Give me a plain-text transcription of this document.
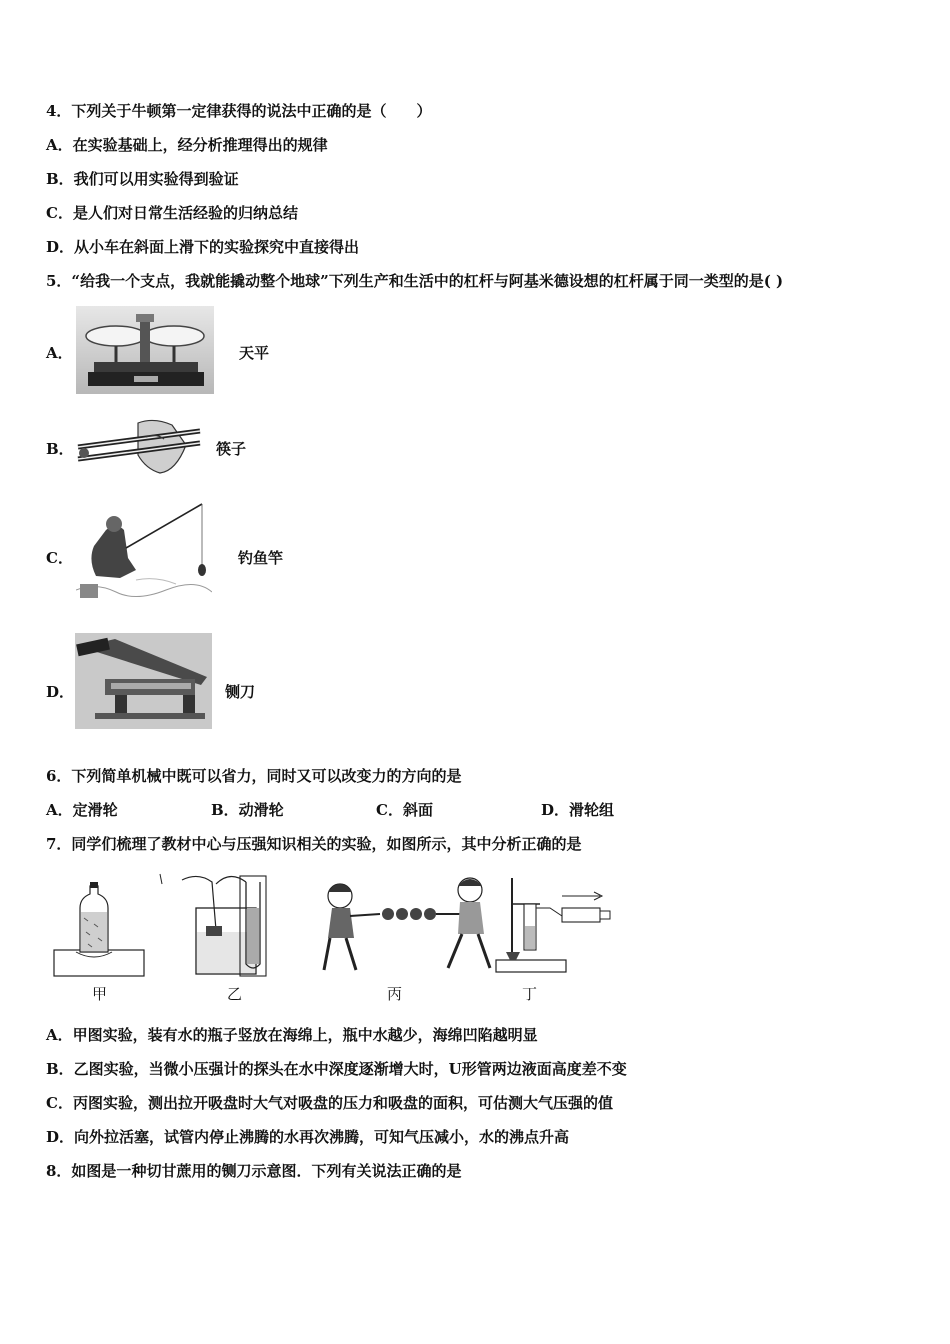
4．下列关于牛顿第一定律获得的说法中正确的是（　　）
A．在实验基础上，经分析推理得出的规律
B．我们可以用实验得到验证
C．是人们对日常生活经验的归纳总结
D．从小车在斜面上滑下的实验探究中直接得出
5．“给我一个支点，我就能撬动整个地球”下列生产和生活中的杠杆与阿基米德设想的杠杆属于同一类型的是( )
A．	天平
B．	筷子
C．	钓鱼竿
D．	铡刀
6．下列简单机械中既可以省力，同时又可以改变力的方向的是
A．定滑轮	B．动滑轮	C．斜面	D．滑轮组
7．同学们梳理了教材中心与压强知识相关的实验，如图所示，其中分析正确的是
甲	乙	丙	丁
A．甲图实验，装有水的瓶子竖放在海绵上，瓶中水越少，海绵凹陷越明显
B．乙图实验，当微小压强计的探头在水中深度逐渐增大时，U形管两边液面高度差不变
C．丙图实验，测出拉开吸盘时大气对吸盘的压力和吸盘的面积，可估测大气压强的值
D．向外拉活塞，试管内停止沸腾的水再次沸腾，可知气压减小，水的沸点升高
8．如图是一种切甘蔗用的铡刀示意图．下列有关说法正确的是
